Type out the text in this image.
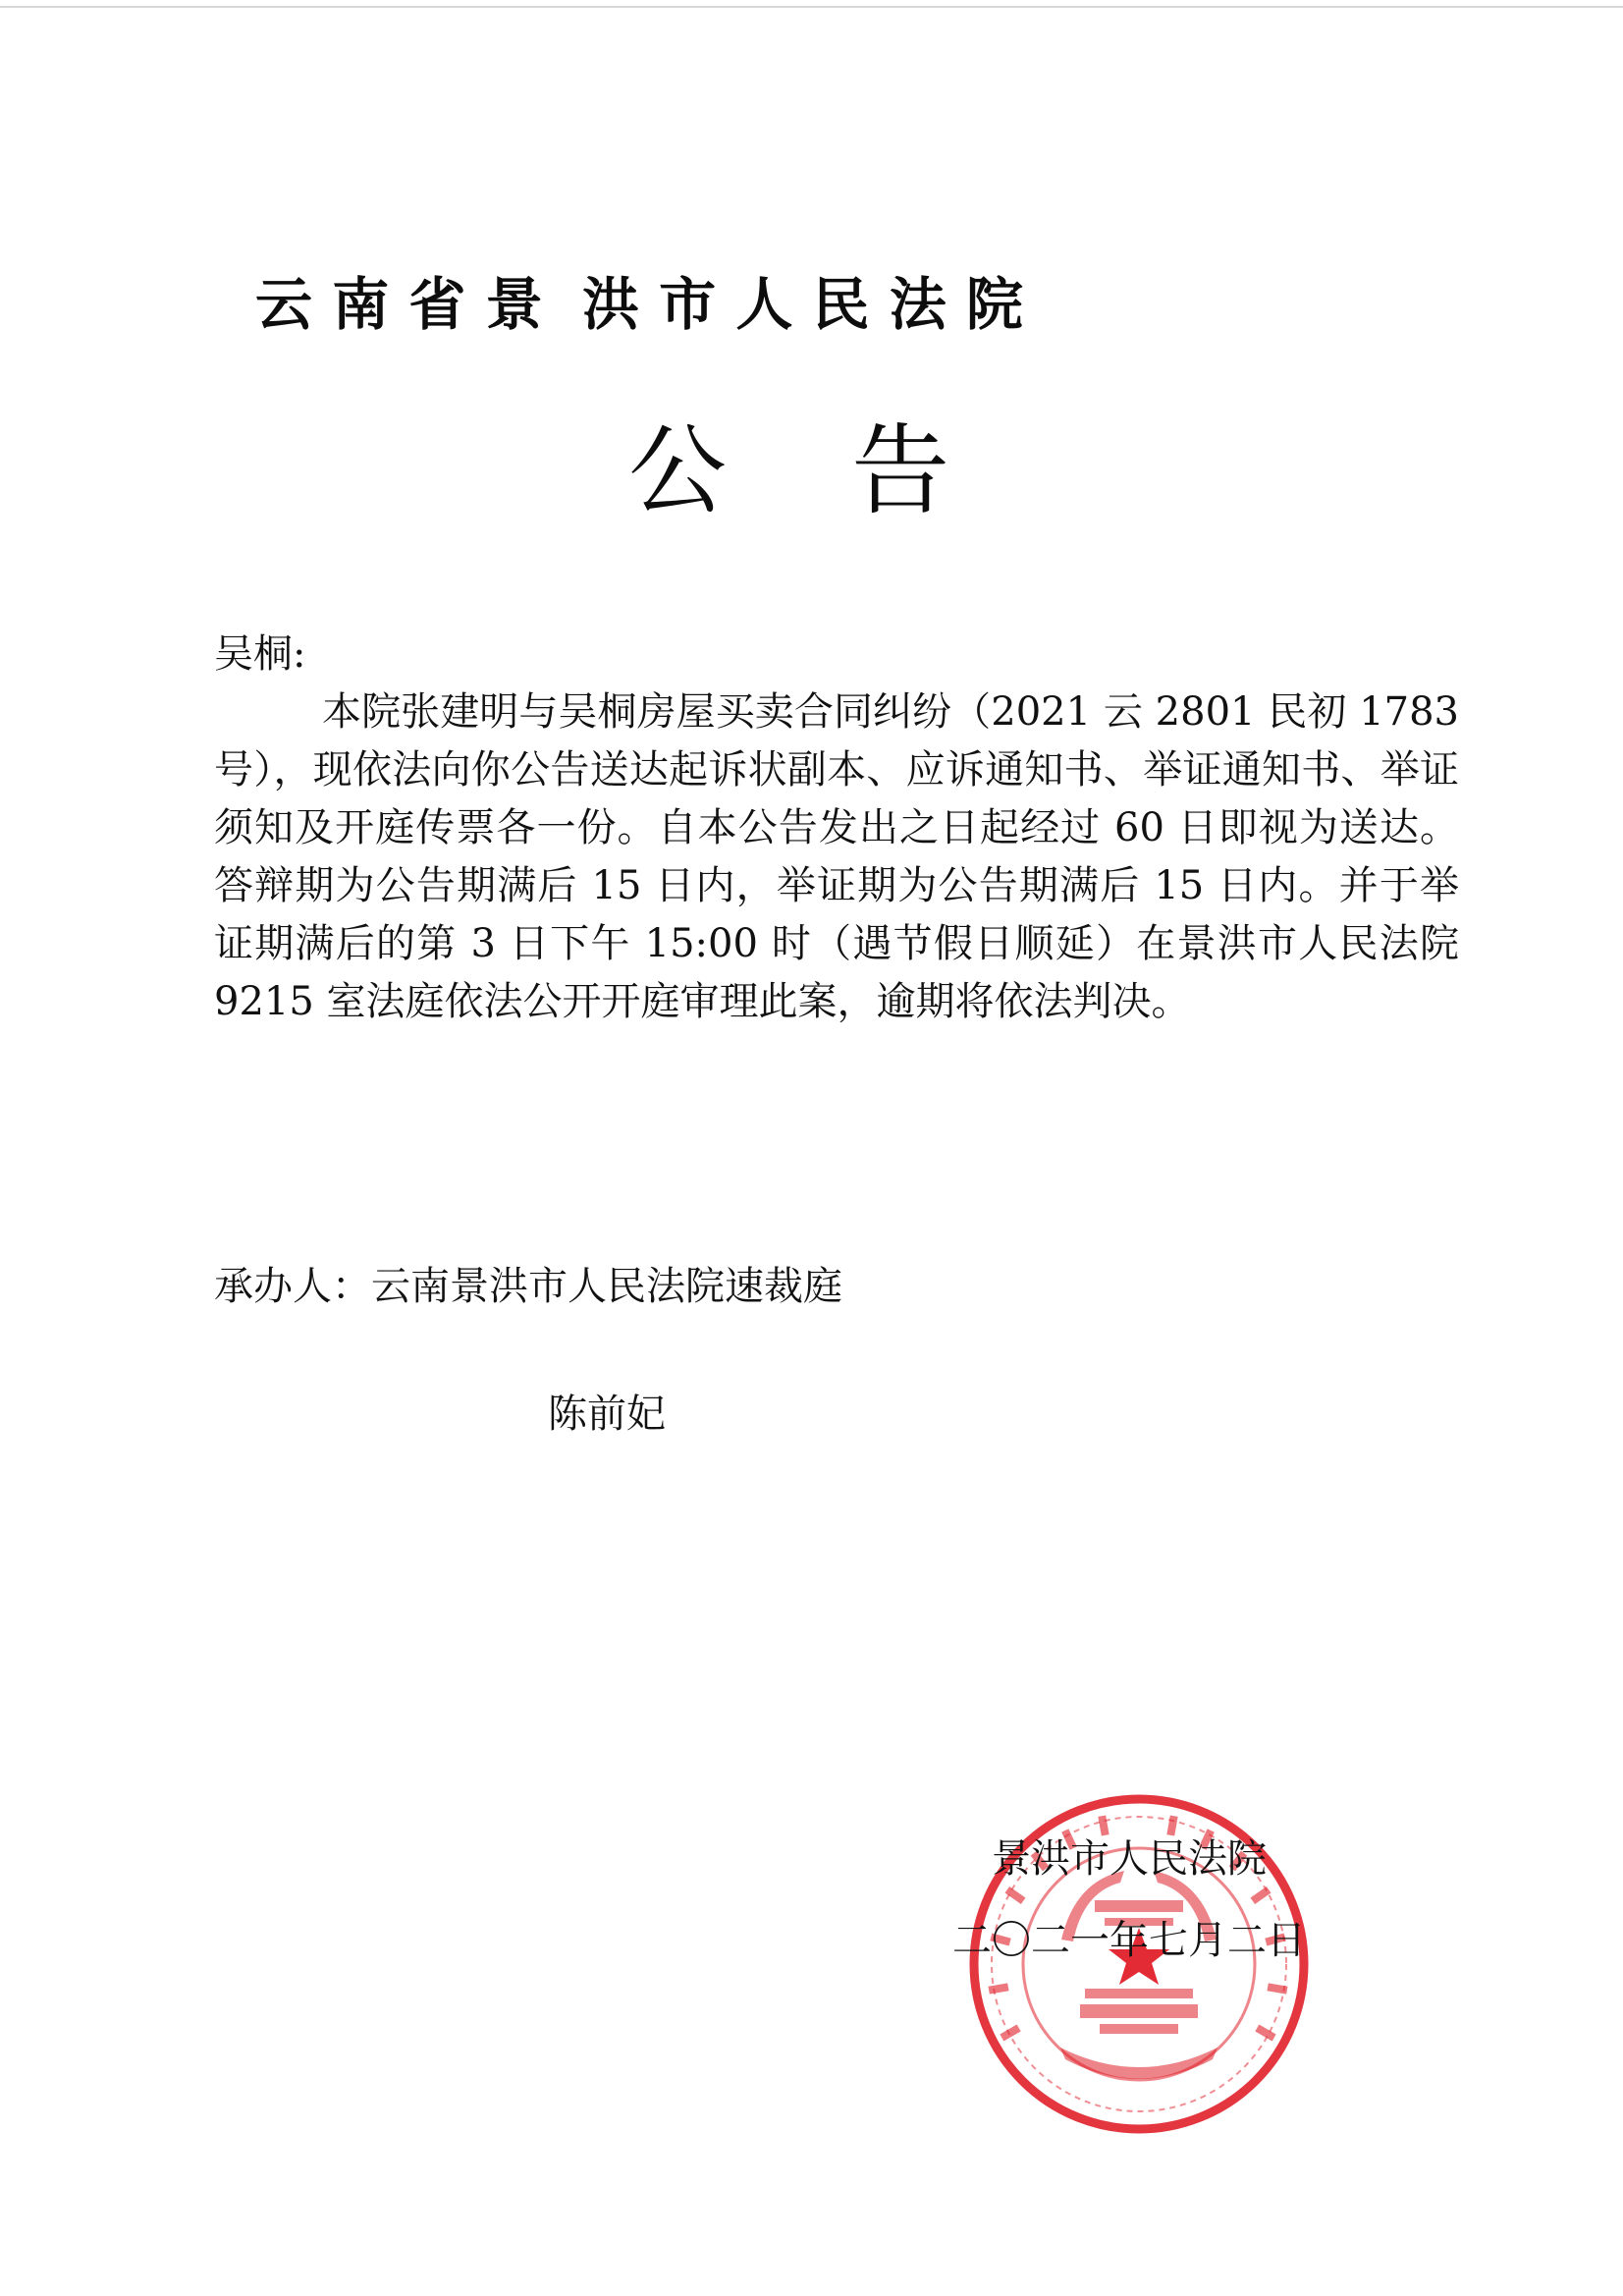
云 南 省 景  洪 市 人 民 法 院
公    告
吴桐:
本院张建明与吴桐房屋买卖合同纠纷（2021 云 2801 民初 1783 号），现依法向你公告送达起诉状副本、应诉通知书、举证通知书、举证须知及开庭传票各一份。自本公告发出之日起经过 60 日即视为送达。答辩期为公告期满后 15 日内，举证期为公告期满后 15 日内。并于举证期满后的第 3 日下午 15:00 时（遇节假日顺延）在景洪市人民法院 9215 室法庭依法公开开庭审理此案，逾期将依法判决。
承办人：云南景洪市人民法院速裁庭
陈前妃
景洪市人民法院
二〇二一年七月二日
